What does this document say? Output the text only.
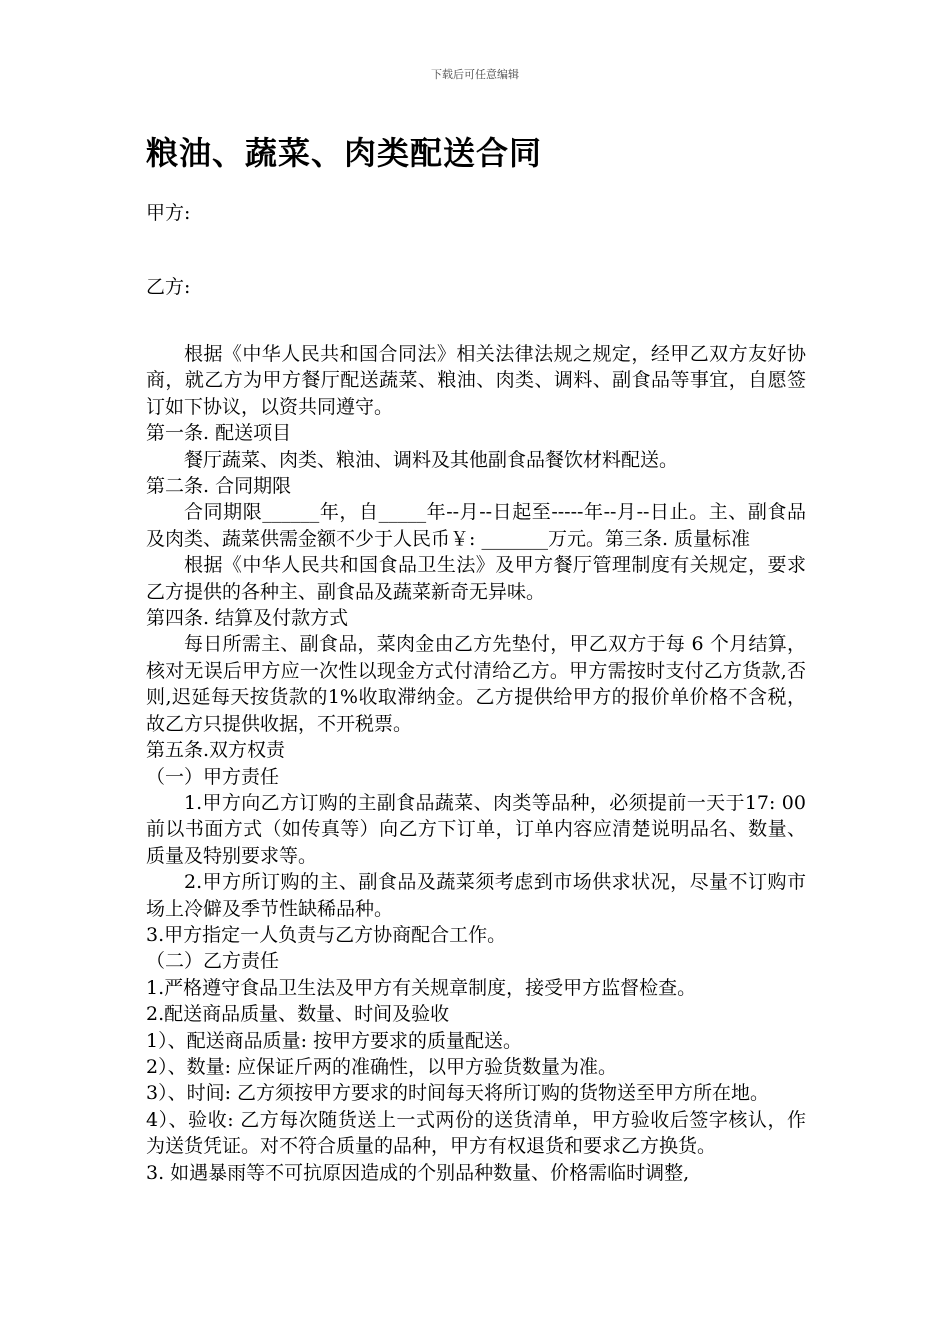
下载后可任意编辑
粮油、蔬菜、肉类配送合同
甲方:
乙方:

根据《中华人民共和国合同法》相关法律法规之规定，经甲乙双方友好协商，就乙方为甲方餐厅配送蔬菜、粮油、肉类、调料、副食品等事宜，自愿签订如下协议，以资共同遵守。

第一条. 配送项目

餐厅蔬菜、肉类、粮油、调料及其他副食品餐饮材料配送。

第二条. 合同期限

合同期限______年，自_____年--月--日起至-----年--月--日止。主、副食品及肉类、蔬菜供需金额不少于人民币￥: _______万元。第三条. 质量标准

根据《中华人民共和国食品卫生法》及甲方餐厅管理制度有关规定，要求乙方提供的各种主、副食品及蔬菜新奇无异味。

第四条. 结算及付款方式

每日所需主、副食品，菜肉金由乙方先垫付，甲乙双方于每 6 个月结算，核对无误后甲方应一次性以现金方式付清给乙方。甲方需按时支付乙方货款,否则,迟延每天按货款的1%收取滞纳金。乙方提供给甲方的报价单价格不含税，故乙方只提供收据，不开税票。

第五条.双方权责

（一）甲方责任

1.甲方向乙方订购的主副食品蔬菜、肉类等品种，必须提前一天于17: 00前以书面方式（如传真等）向乙方下订单，订单内容应清楚说明品名、数量、质量及特别要求等。

2.甲方所订购的主、副食品及蔬菜须考虑到市场供求状况，尽量不订购市场上冷僻及季节性缺稀品种。

3.甲方指定一人负责与乙方协商配合工作。

（二）乙方责任

1.严格遵守食品卫生法及甲方有关规章制度，接受甲方监督检查。

2.配送商品质量、数量、时间及验收

1）、配送商品质量: 按甲方要求的质量配送。

2）、数量: 应保证斤两的准确性，以甲方验货数量为准。

3）、时间: 乙方须按甲方要求的时间每天将所订购的货物送至甲方所在地。

4）、验收: 乙方每次随货送上一式两份的送货清单，甲方验收后签字核认，作为送货凭证。对不符合质量的品种，甲方有权退货和要求乙方换货。

3. 如遇暴雨等不可抗原因造成的个别品种数量、价格需临时调整,
